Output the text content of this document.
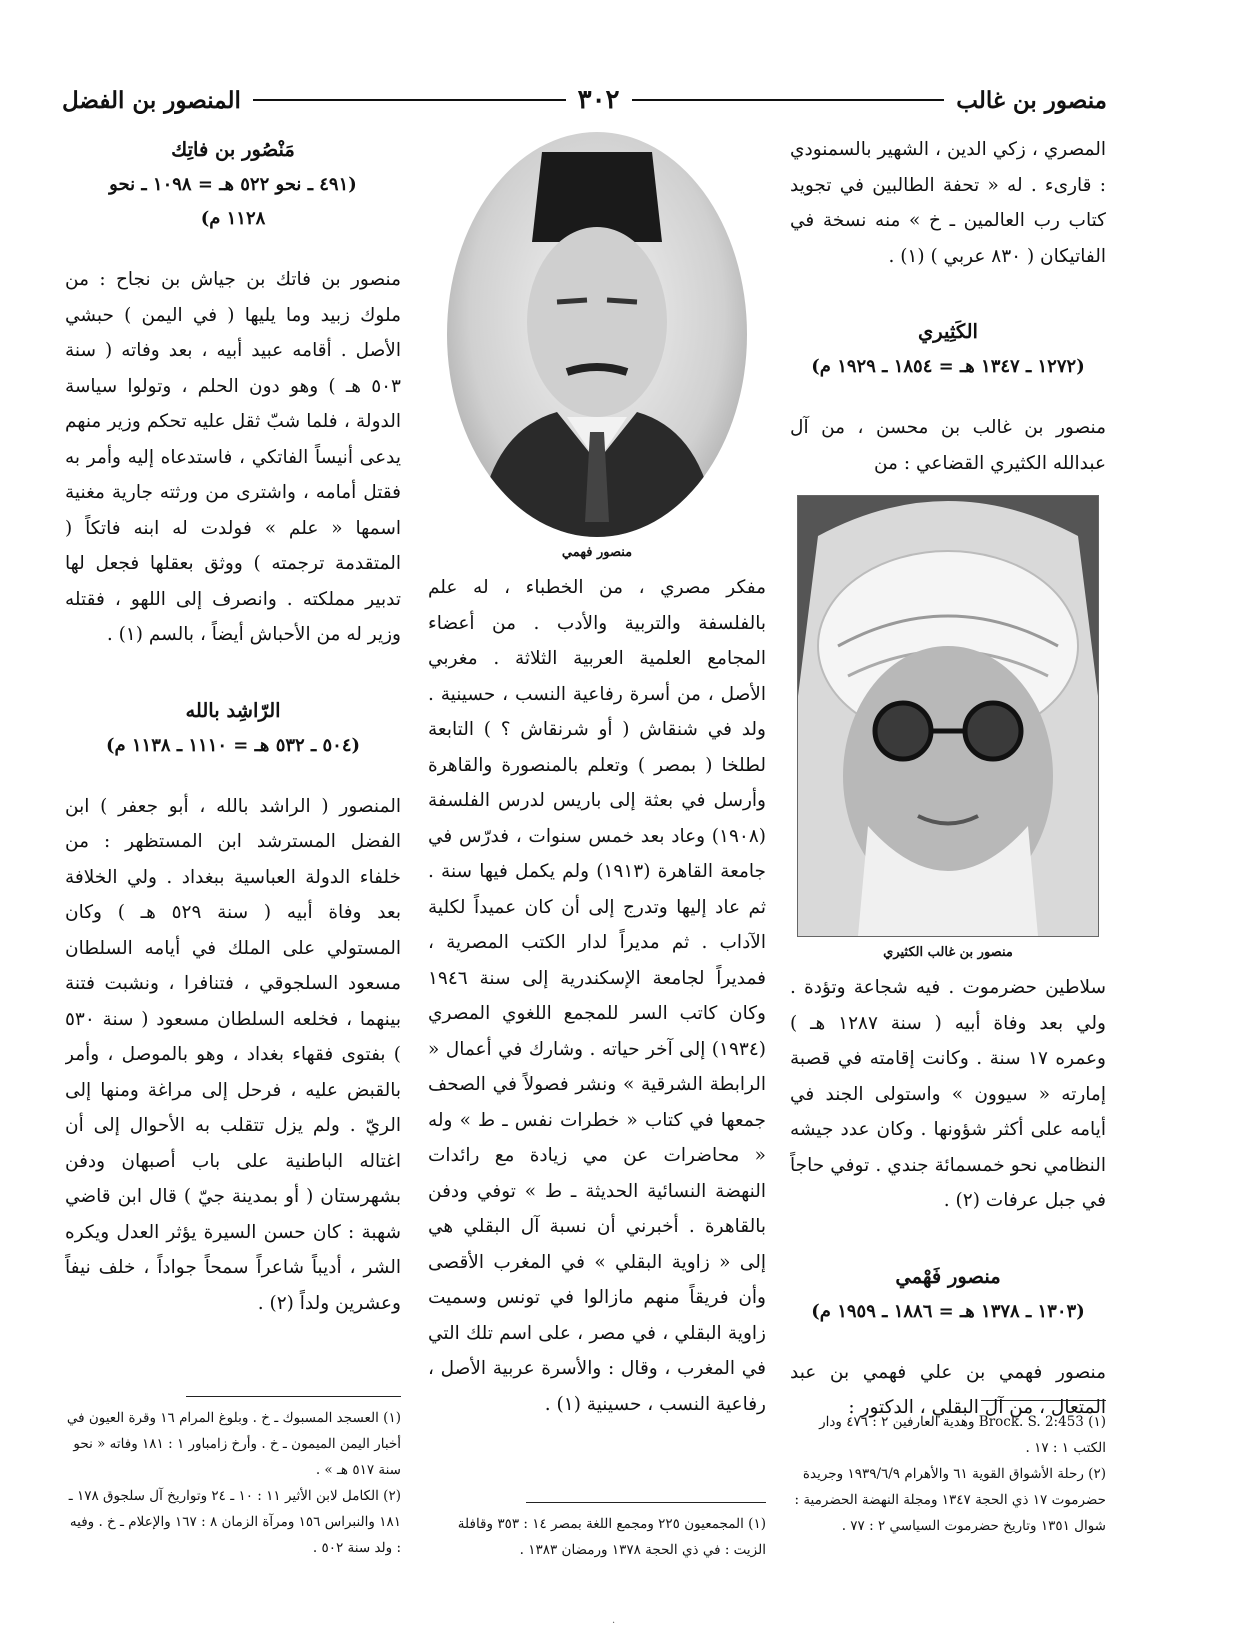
منصور بن غالب
٣٠٢
المنصور بن الفضل

المصري ، زكي الدين ، الشهير بالسمنودي : قارىء . له « تحفة الطالبين في تجويد كتاب رب العالمين ـ خ » منه نسخة في الفاتيكان ( ٨٣٠ عربي ) (١) .

الكَثِيري

(١٢٧٢ ـ ١٣٤٧ هـ = ١٨٥٤ ـ ١٩٢٩ م)

منصور بن غالب بن محسن ، من آل عبدالله الكثيري القضاعي : من

منصور بن غالب الكثيري

سلاطين حضرموت . فيه شجاعة وتؤدة . ولي بعد وفاة أبيه ( سنة ١٢٨٧ هـ ) وعمره ١٧ سنة . وكانت إقامته في قصبة إمارته « سيوون » واستولى الجند في أيامه على أكثر شؤونها . وكان عدد جيشه النظامي نحو خمسمائة جندي . توفي حاجاً في جبل عرفات (٢) .

منصور فَهْمي

(١٣٠٣ ـ ١٣٧٨ هـ = ١٨٨٦ ـ ١٩٥٩ م)

منصور فهمي بن علي فهمي بن عبد المتعال ، من آل البقلي ، الدكتور :

(١) Brock. S. 2:453 وهدية العارفين ٢ : ٤٧٦ ودار الكتب ١ : ١٧ .

(٢) رحلة الأشواق القوية ٦١ والأهرام ١٩٣٩/٦/٩ وجريدة حضرموت ١٧ ذي الحجة ١٣٤٧ ومجلة النهضة الحضرمية : شوال ١٣٥١ وتاريخ حضرموت السياسي ٢ : ٧٧ .

منصور فهمي

مفكر مصري ، من الخطباء ، له علم بالفلسفة والتربية والأدب . من أعضاء المجامع العلمية العربية الثلاثة . مغربي الأصل ، من أسرة رفاعية النسب ، حسينية . ولد في شنقاش ( أو شرنقاش ؟ ) التابعة لطلخا ( بمصر ) وتعلم بالمنصورة والقاهرة وأرسل في بعثة إلى باريس لدرس الفلسفة (١٩٠٨) وعاد بعد خمس سنوات ، فدرّس في جامعة القاهرة (١٩١٣) ولم يكمل فيها سنة . ثم عاد إليها وتدرج إلى أن كان عميداً لكلية الآداب . ثم مديراً لدار الكتب المصرية ، فمديراً لجامعة الإسكندرية إلى سنة ١٩٤٦ وكان كاتب السر للمجمع اللغوي المصري (١٩٣٤) إلى آخر حياته . وشارك في أعمال « الرابطة الشرقية » ونشر فصولاً في الصحف جمعها في كتاب « خطرات نفس ـ ط » وله « محاضرات عن مي زيادة مع رائدات النهضة النسائية الحديثة ـ ط » توفي ودفن بالقاهرة . أخبرني أن نسبة آل البقلي هي إلى « زاوية البقلي » في المغرب الأقصى وأن فريقاً منهم مازالوا في تونس وسميت زاوية البقلي ، في مصر ، على اسم تلك التي في المغرب ، وقال : والأسرة عربية الأصل ، رفاعية النسب ، حسينية (١) .

(١) المجمعيون ٢٢٥ ومجمع اللغة بمصر ١٤ : ٣٥٣ وقافلة الزيت : في ذي الحجة ١٣٧٨ ورمضان ١٣٨٣ .

مَنْصُور بن فاتِك

(٤٩١ ـ نحو ٥٢٢ هـ = ١٠٩٨ ـ نحو

١١٢٨ م)

منصور بن فاتك بن جياش بن نجاح : من ملوك زبيد وما يليها ( في اليمن ) حبشي الأصل . أقامه عبيد أبيه ، بعد وفاته ( سنة ٥٠٣ هـ ) وهو دون الحلم ، وتولوا سياسة الدولة ، فلما شبّ ثقل عليه تحكم وزير منهم يدعى أنيساً الفاتكي ، فاستدعاه إليه وأمر به فقتل أمامه ، واشترى من ورثته جارية مغنية اسمها « علم » فولدت له ابنه فاتكاً ( المتقدمة ترجمته ) ووثق بعقلها فجعل لها تدبير مملكته . وانصرف إلى اللهو ، فقتله وزير له من الأحباش أيضاً ، بالسم (١) .

الرّاشِد بالله

(٥٠٤ ـ ٥٣٢ هـ = ١١١٠ ـ ١١٣٨ م)

المنصور ( الراشد بالله ، أبو جعفر ) ابن الفضل المسترشد ابن المستظهر : من خلفاء الدولة العباسية ببغداد . ولي الخلافة بعد وفاة أبيه ( سنة ٥٢٩ هـ ) وكان المستولي على الملك في أيامه السلطان مسعود السلجوقي ، فتنافرا ، ونشبت فتنة بينهما ، فخلعه السلطان مسعود ( سنة ٥٣٠ ) بفتوى فقهاء بغداد ، وهو بالموصل ، وأمر بالقبض عليه ، فرحل إلى مراغة ومنها إلى الريّ . ولم يزل تتقلب به الأحوال إلى أن اغتاله الباطنية على باب أصبهان ودفن بشهرستان ( أو بمدينة جيّ ) قال ابن قاضي شهبة : كان حسن السيرة يؤثر العدل ويكره الشر ، أديباً شاعراً سمحاً جواداً ، خلف نيفاً وعشرين ولداً (٢) .

(١) العسجد المسبوك ـ خ . وبلوغ المرام ١٦ وقرة العيون في أخبار اليمن الميمون ـ خ . وأرخ زامباور ١ : ١٨١ وفاته « نحو سنة ٥١٧ هـ » .

(٢) الكامل لابن الأثير ١١ : ١٠ ـ ٢٤ وتواريخ آل سلجوق ١٧٨ ـ ١٨١ والنبراس ١٥٦ ومرآة الزمان ٨ : ١٦٧ والإعلام ـ خ . وفيه : ولد سنة ٥٠٢ .

·
